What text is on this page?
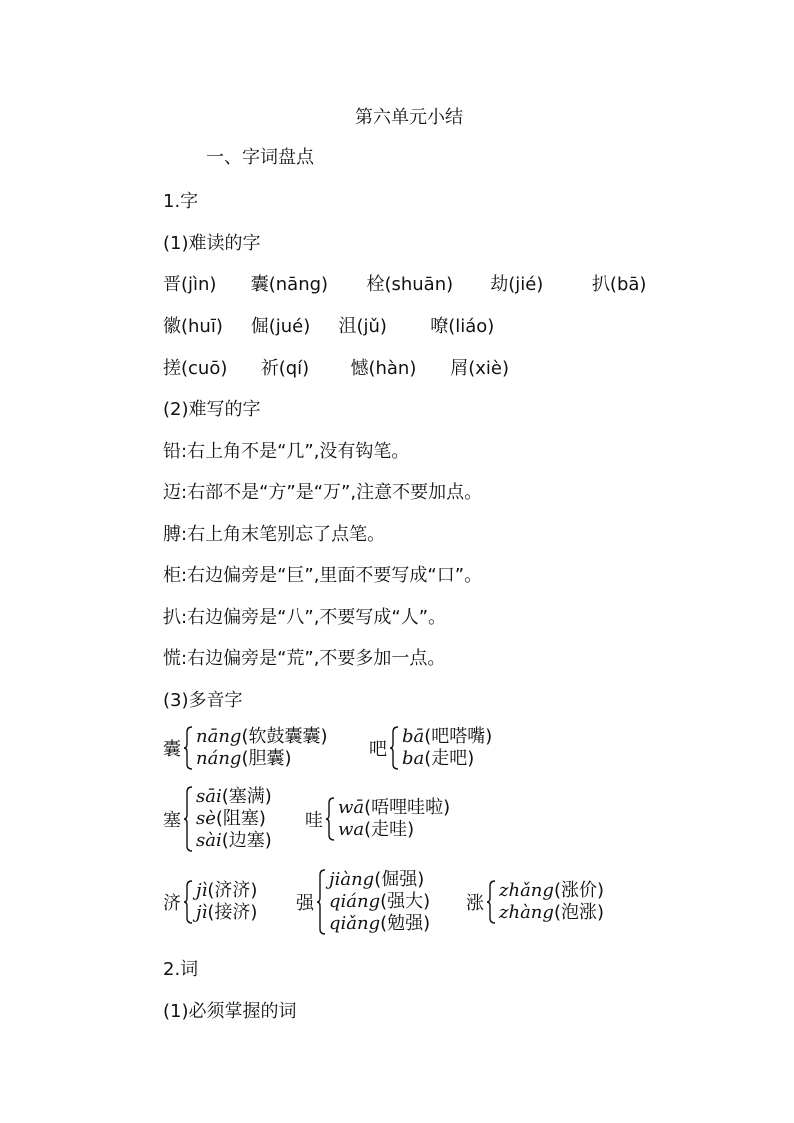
第六单元小结
一、字词盘点
1.字
(1)难读的字
晋(jìn) 囊(nāng) 栓(shuān) 劫(jié)	扒(bā)
徽(huī) 倔(jué) 沮(jǔ) 嘹(liáo)
搓(cuō) 祈(qí) 憾(hàn) 屑(xiè)
(2)难写的字
铅:右上角不是“几”,没有钩笔。
迈:右部不是“方”是“万”,注意不要加点。
膊:右上角末笔别忘了点笔。
柜:右边偏旁是“巨”,里面不要写成“口”。
扒:右边偏旁是“八”,不要写成“人”。
慌:右边偏旁是“荒”,不要多加一点。
(3)多音字
囊
nāng(软鼓囊囊)
náng(胆囊)	吧
bā(吧嗒嘴)
ba(走吧)
塞
sāi(塞满)
sè(阻塞)
sài(边塞)
哇
wā(唔哩哇啦)
wa(走哇)
济
jì(济济)
jì(接济) 强
jiàng(倔强)
qiáng(强大)
qiǎng(勉强)
涨
zhǎng(涨价)
zhàng(泡涨)
2.词
(1)必须掌握的词
